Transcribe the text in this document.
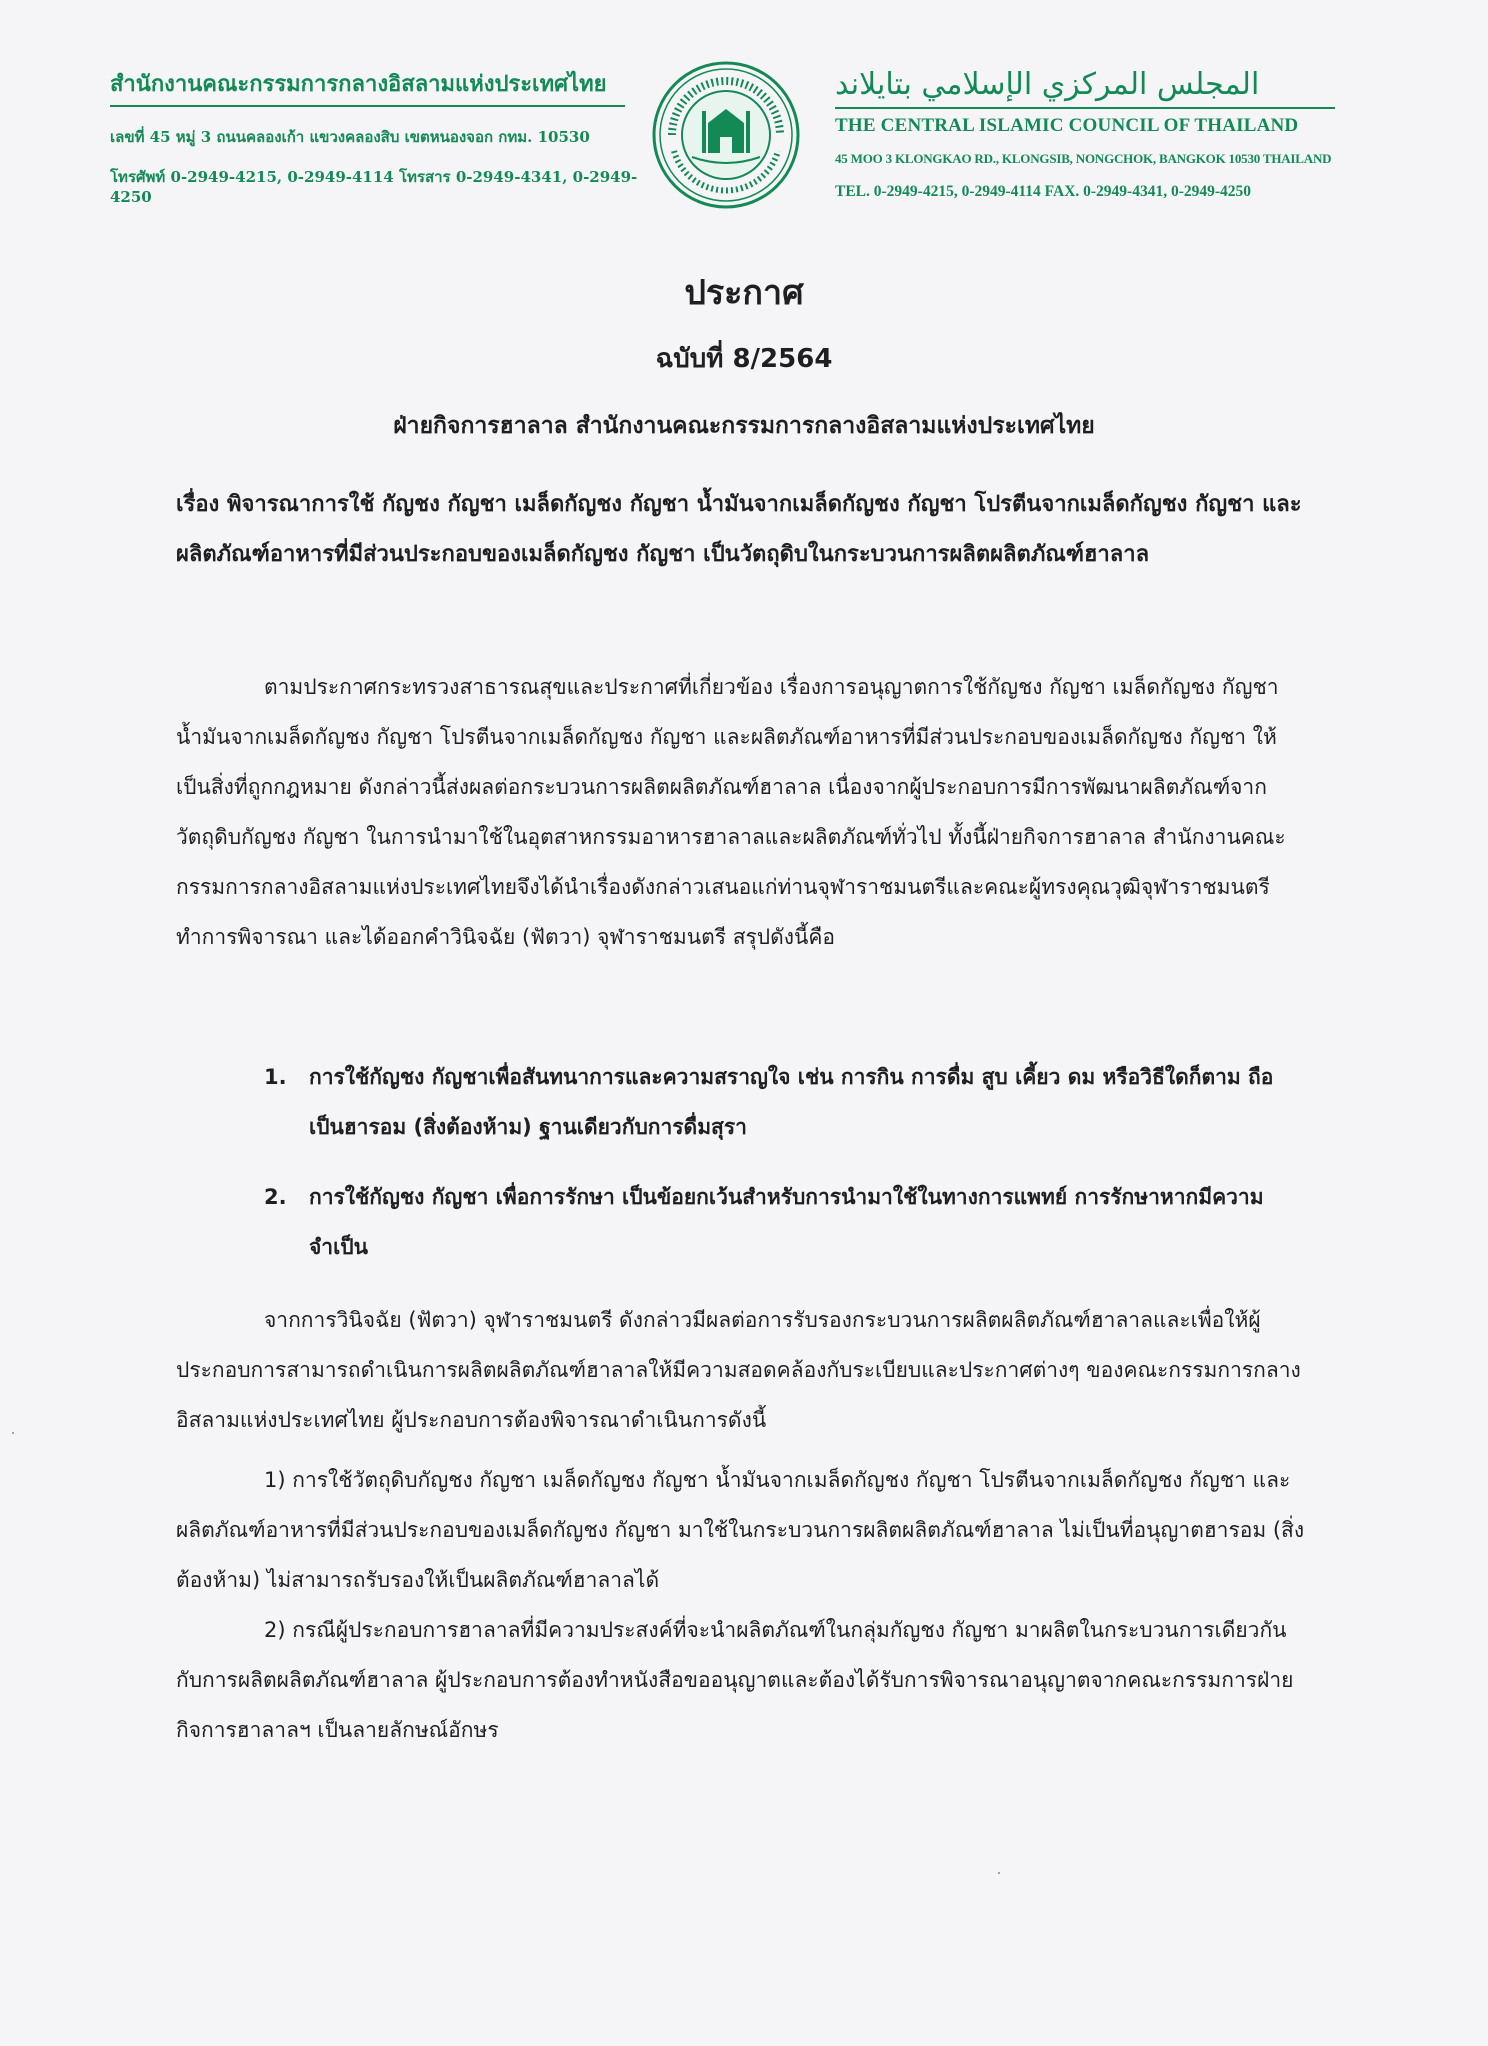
สำนักงานคณะกรรมการกลางอิสลามแห่งประเทศไทย
เลขที่ 45 หมู่ 3 ถนนคลองเก้า แขวงคลองสิบ เขตหนองจอก กทม. 10530
โทรศัพท์ 0-2949-4215, 0-2949-4114 โทรสาร 0-2949-4341, 0-2949-4250
المجلس المركزي الإسلامي بتايلاند
THE CENTRAL ISLAMIC COUNCIL OF THAILAND
45 MOO 3 KLONGKAO RD., KLONGSIB, NONGCHOK, BANGKOK 10530 THAILAND
TEL. 0-2949-4215, 0-2949-4114 FAX. 0-2949-4341, 0-2949-4250
ประกาศ
ฉบับที่ 8/2564
ฝ่ายกิจการฮาลาล สำนักงานคณะกรรมการกลางอิสลามแห่งประเทศไทย
เรื่อง พิจารณาการใช้ กัญชง กัญชา เมล็ดกัญชง กัญชา น้ำมันจากเมล็ดกัญชง กัญชา โปรตีนจากเมล็ดกัญชง กัญชา และผลิตภัณฑ์อาหารที่มีส่วนประกอบของเมล็ดกัญชง กัญชา เป็นวัตถุดิบในกระบวนการผลิตผลิตภัณฑ์ฮาลาล
ตามประกาศกระทรวงสาธารณสุขและประกาศที่เกี่ยวข้อง เรื่องการอนุญาตการใช้กัญชง กัญชา เมล็ดกัญชง กัญชา น้ำมันจากเมล็ดกัญชง กัญชา โปรตีนจากเมล็ดกัญชง กัญชา และผลิตภัณฑ์อาหารที่มีส่วนประกอบของเมล็ดกัญชง กัญชา ให้เป็นสิ่งที่ถูกกฎหมาย ดังกล่าวนี้ส่งผลต่อกระบวนการผลิตผลิตภัณฑ์ฮาลาล เนื่องจากผู้ประกอบการมีการพัฒนาผลิตภัณฑ์จากวัตถุดิบกัญชง กัญชา ในการนำมาใช้ในอุตสาหกรรมอาหารฮาลาลและผลิตภัณฑ์ทั่วไป ทั้งนี้ฝ่ายกิจการฮาลาล สำนักงานคณะกรรมการกลางอิสลามแห่งประเทศไทยจึงได้นำเรื่องดังกล่าวเสนอแก่ท่านจุฬาราชมนตรีและคณะผู้ทรงคุณวุฒิจุฬาราชมนตรีทำการพิจารณา และได้ออกคำวินิจฉัย (ฟัตวา) จุฬาราชมนตรี สรุปดังนี้คือ
1. การใช้กัญชง กัญชาเพื่อสันทนาการและความสราญใจ เช่น การกิน การดื่ม สูบ เคี้ยว ดม หรือวิธีใดก็ตาม ถือเป็นฮารอม (สิ่งต้องห้าม) ฐานเดียวกับการดื่มสุรา
2. การใช้กัญชง กัญชา เพื่อการรักษา เป็นข้อยกเว้นสำหรับการนำมาใช้ในทางการแพทย์ การรักษาหากมีความจำเป็น
จากการวินิจฉัย (ฟัตวา) จุฬาราชมนตรี ดังกล่าวมีผลต่อการรับรองกระบวนการผลิตผลิตภัณฑ์ฮาลาลและเพื่อให้ผู้ประกอบการสามารถดำเนินการผลิตผลิตภัณฑ์ฮาลาลให้มีความสอดคล้องกับระเบียบและประกาศต่างๆ ของคณะกรรมการกลางอิสลามแห่งประเทศไทย ผู้ประกอบการต้องพิจารณาดำเนินการดังนี้
1) การใช้วัตถุดิบกัญชง กัญชา เมล็ดกัญชง กัญชา น้ำมันจากเมล็ดกัญชง กัญชา โปรตีนจากเมล็ดกัญชง กัญชา และผลิตภัณฑ์อาหารที่มีส่วนประกอบของเมล็ดกัญชง กัญชา มาใช้ในกระบวนการผลิตผลิตภัณฑ์ฮาลาล ไม่เป็นที่อนุญาตฮารอม (สิ่งต้องห้าม) ไม่สามารถรับรองให้เป็นผลิตภัณฑ์ฮาลาลได้
2) กรณีผู้ประกอบการฮาลาลที่มีความประสงค์ที่จะนำผลิตภัณฑ์ในกลุ่มกัญชง กัญชา มาผลิตในกระบวนการเดียวกันกับการผลิตผลิตภัณฑ์ฮาลาล ผู้ประกอบการต้องทำหนังสือขออนุญาตและต้องได้รับการพิจารณาอนุญาตจากคณะกรรมการฝ่ายกิจการฮาลาลฯ เป็นลายลักษณ์อักษร
